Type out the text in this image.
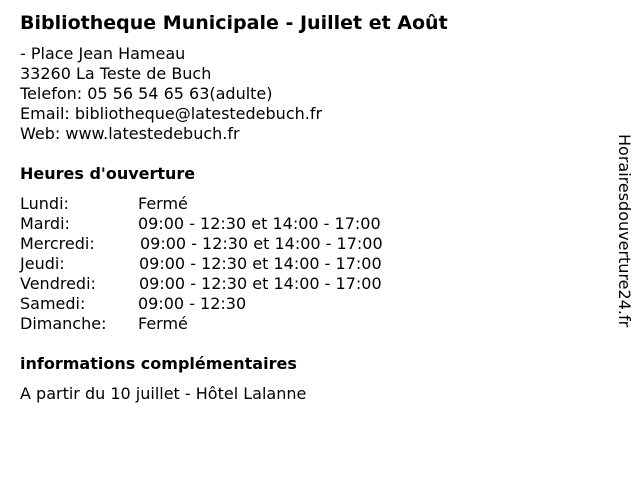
Bibliotheque Municipale - Juillet et Août
- Place Jean Hameau
33260 La Teste de Buch
Telefon: 05 56 54 65 63(adulte)
Email: bibliotheque@latestedebuch.fr
Web: www.latestedebuch.fr
Heures d'ouverture
Lundi:	Fermé
Mardi:	09:00 - 12:30 et 14:00 - 17:00
Mercredi:	09:00 - 12:30 et 14:00 - 17:00
Jeudi:	09:00 - 12:30 et 14:00 - 17:00
Vendredi:	09:00 - 12:30 et 14:00 - 17:00
Samedi:	09:00 - 12:30
Dimanche: Fermé
informations complémentaires
A partir du 10 juillet - Hôtel Lalanne
Horairesdouverture24.fr
